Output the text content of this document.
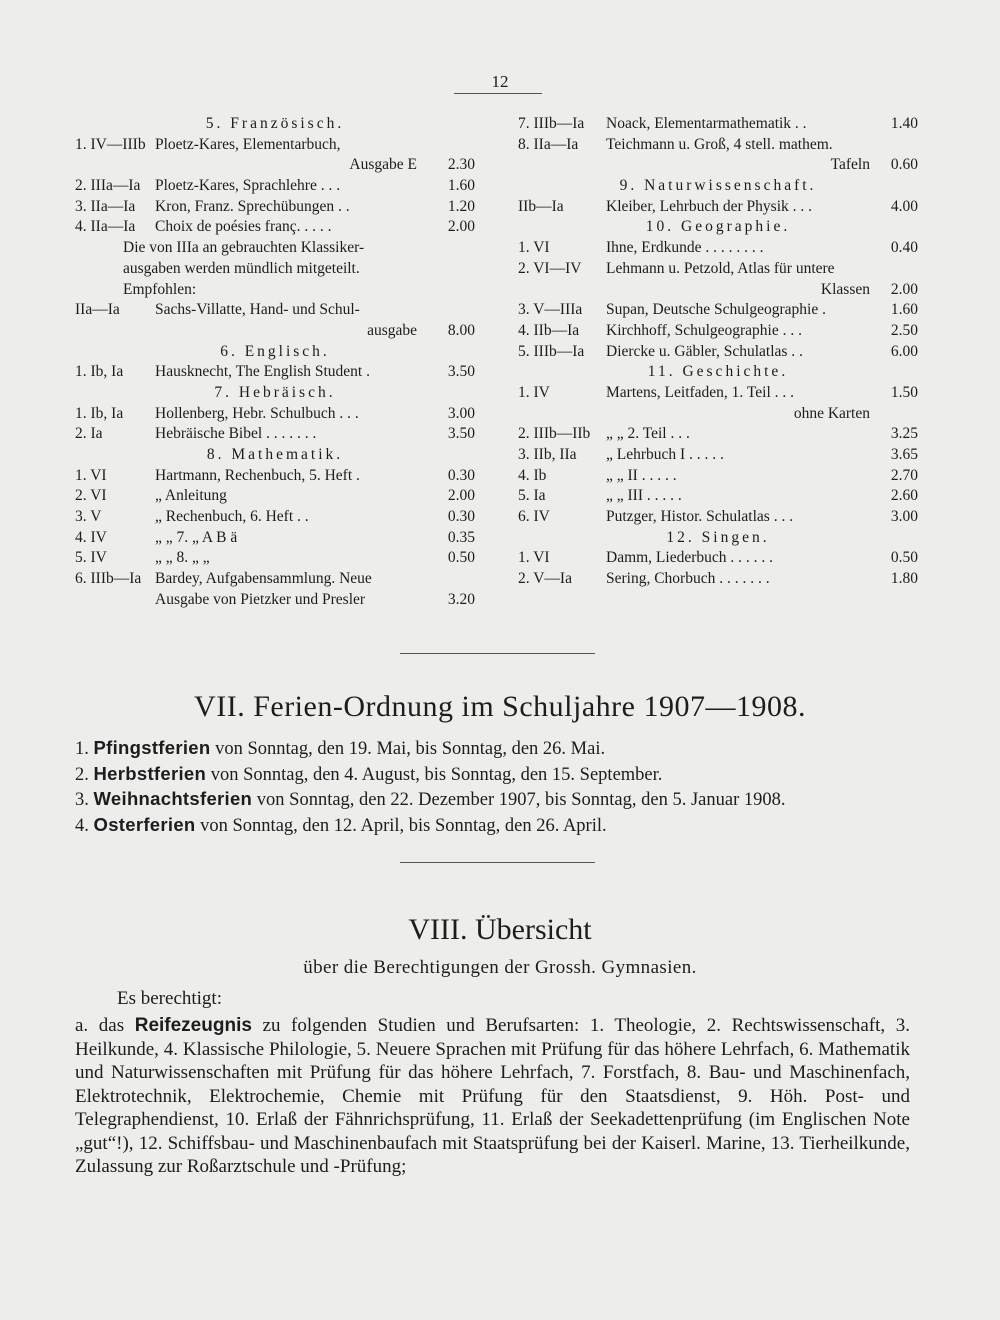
12
5. Französisch.
1. IV—IIIb Ploetz-Kares, Elementarbuch,
Ausgabe E 2.30
2. IIIa—Ia Ploetz-Kares, Sprachlehre . . .	1.60
3. IIa—Ia Kron, Franz. Sprechübungen . .	1.20
4. IIa—Ia Choix de poésies franç. . . . .	2.00
Die von IIIa an gebrauchten Klassiker-
ausgaben werden mündlich mitgeteilt.
Empfohlen:
IIa—Ia Sachs-Villatte, Hand- und Schul-
ausgabe 8.00
6. Englisch.
1. Ib, Ia Hausknecht, The English Student .	3.50
7. Hebräisch.
1. Ib, Ia Hollenberg, Hebr. Schulbuch . . .	3.00
2. Ia	Hebräische Bibel . . . . . . .	3.50
8. Mathematik.
1. VI	Hartmann, Rechenbuch, 5. Heft .	0.30
2. VI	„ Anleitung	2.00
3. V	„ Rechenbuch, 6. Heft . .	0.30
4. IV	„ „ 7. „ A B ä	0.35
5. IV	„ „ 8. „ „	0.50
6. IIIb—Ia Bardey, Aufgabensammlung. Neue
Ausgabe von Pietzker und Presler	3.20
7. IIIb—Ia Noack, Elementarmathematik . .	1.40
8. IIa—Ia Teichmann u. Groß, 4 stell. mathem.
Tafeln 0.60
9. Naturwissenschaft.
IIb—Ia	Kleiber, Lehrbuch der Physik . . .	4.00
10. Geographie.
1. VI	Ihne, Erdkunde . . . . . . . .	0.40
2. VI—IV Lehmann u. Petzold, Atlas für untere
Klassen 2.00
3. V—IIIa Supan, Deutsche Schulgeographie .	1.60
4. IIb—Ia Kirchhoff, Schulgeographie . . .	2.50
5. IIIb—Ia Diercke u. Gäbler, Schulatlas . .	6.00
11. Geschichte.
1. IV	Martens, Leitfaden, 1. Teil . . .	1.50
ohne Karten
2. IIIb—IIb „ „ 2. Teil . . .	3.25
3. IIb, IIa „ Lehrbuch I . . . . .	3.65
4. Ib	„ „ II . . . . .	2.70
5. Ia	„ „ III . . . . .	2.60
6. IV	Putzger, Histor. Schulatlas . . .	3.00
12. Singen.
1. VI	Damm, Liederbuch . . . . . .	0.50
2. V—Ia Sering, Chorbuch . . . . . . .	1.80
VII. Ferien-Ordnung im Schuljahre 1907—1908.
1. Pfingstferien von Sonntag, den 19. Mai, bis Sonntag, den 26. Mai.
2. Herbstferien von Sonntag, den 4. August, bis Sonntag, den 15. September.
3. Weihnachtsferien von Sonntag, den 22. Dezember 1907, bis Sonntag, den 5. Januar 1908.
4. Osterferien von Sonntag, den 12. April, bis Sonntag, den 26. April.
VIII. Übersicht
über die Berechtigungen der Grossh. Gymnasien.
Es berechtigt:
a. das Reifezeugnis zu folgenden Studien und Berufsarten: 1. Theologie, 2. Rechtswissenschaft, 3. Heilkunde, 4. Klassische Philologie, 5. Neuere Sprachen mit Prüfung für das höhere Lehrfach, 6. Mathematik und Naturwissenschaften mit Prüfung für das höhere Lehrfach, 7. Forstfach, 8. Bau- und Maschinenfach, Elektrotechnik, Elektrochemie, Chemie mit Prüfung für den Staatsdienst, 9. Höh. Post- und Telegraphendienst, 10. Erlaß der Fähnrichsprüfung, 11. Erlaß der Seekadettenprüfung (im Englischen Note „gut“!), 12. Schiffsbau- und Maschinenbaufach mit Staatsprüfung bei der Kaiserl. Marine, 13. Tierheilkunde, Zulassung zur Roßarztschule und -Prüfung;
